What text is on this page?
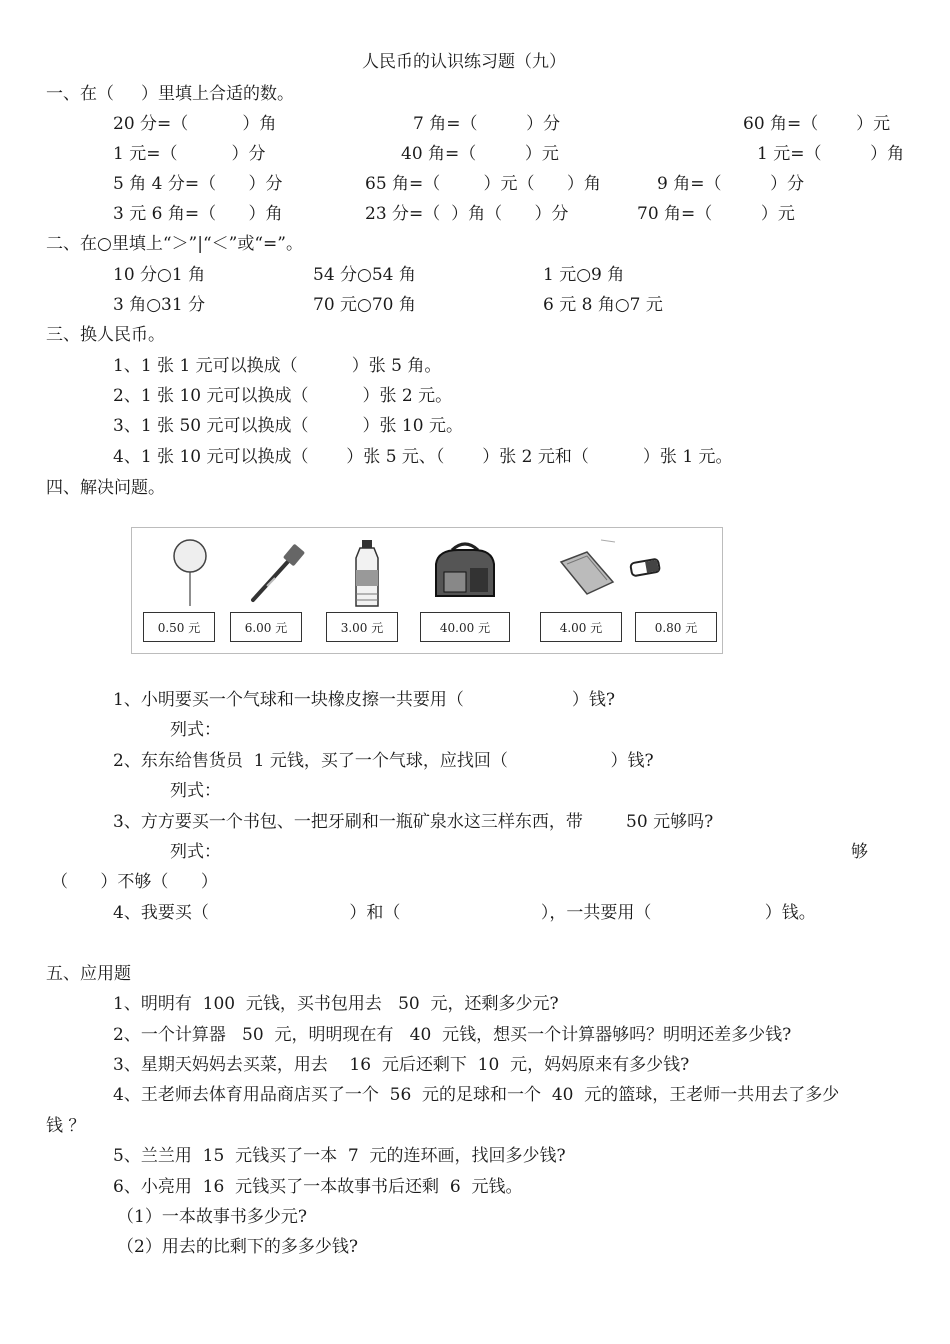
人民币的认识练习题（九）
一、在（     ）里填上合适的数。
20 分=（          ）角	7 角=（         ）分	60 角=（       ）元
1 元=（          ）分	40 角=（         ）元	1 元=（         ）角
5 角 4 分=（      ）分	65 角=（        ）元（      ）角	9 角=（         ）分
3 元 6 角=（      ）角	23 分=（  ）角（      ）分	70 角=（         ）元
二、在○里填上“＞”|“＜”或“=”。
10 分○1 角	54 分○54 角	1 元○9 角
3 角○31 分	70 元○70 角	6 元 8 角○7 元
三、换人民币。
1、1 张 1 元可以换成（          ）张 5 角。
2、1 张 10 元可以换成（          ）张 2 元。
3、1 张 50 元可以换成（          ）张 10 元。
4、1 张 10 元可以换成（       ）张 5 元、（       ）张 2 元和（          ）张 1 元。
四、解决问题。
0.50 元	6.00 元	3.00 元	40.00 元	4.00 元	0.80 元
1、小明要买一个气球和一块橡皮擦一共要用（                    ）钱?
列式：
2、东东给售货员  1 元钱，买了一个气球，应找回（                   ）钱?
列式：
3、方方要买一个书包、一把牙刷和一瓶矿泉水这三样东西，带        50 元够吗?
列式：	够
（      ）不够（      ）
4、我要买（                          ）和（                          ），一共要用（                     ）钱。
五、应用题
1、明明有  100  元钱，买书包用去   50  元，还剩多少元?
2、一个计算器   50  元，明明现在有   40  元钱，想买一个计算器够吗？明明还差多少钱?
3、星期天妈妈去买菜，用去    16  元后还剩下  10  元，妈妈原来有多少钱?
4、王老师去体育用品商店买了一个  56  元的足球和一个  40  元的篮球，王老师一共用去了多少
钱 ？
5、兰兰用  15  元钱买了一本  7  元的连环画，找回多少钱?
6、小亮用  16  元钱买了一本故事书后还剩  6  元钱。
（1）一本故事书多少元?
（2）用去的比剩下的多多少钱?
